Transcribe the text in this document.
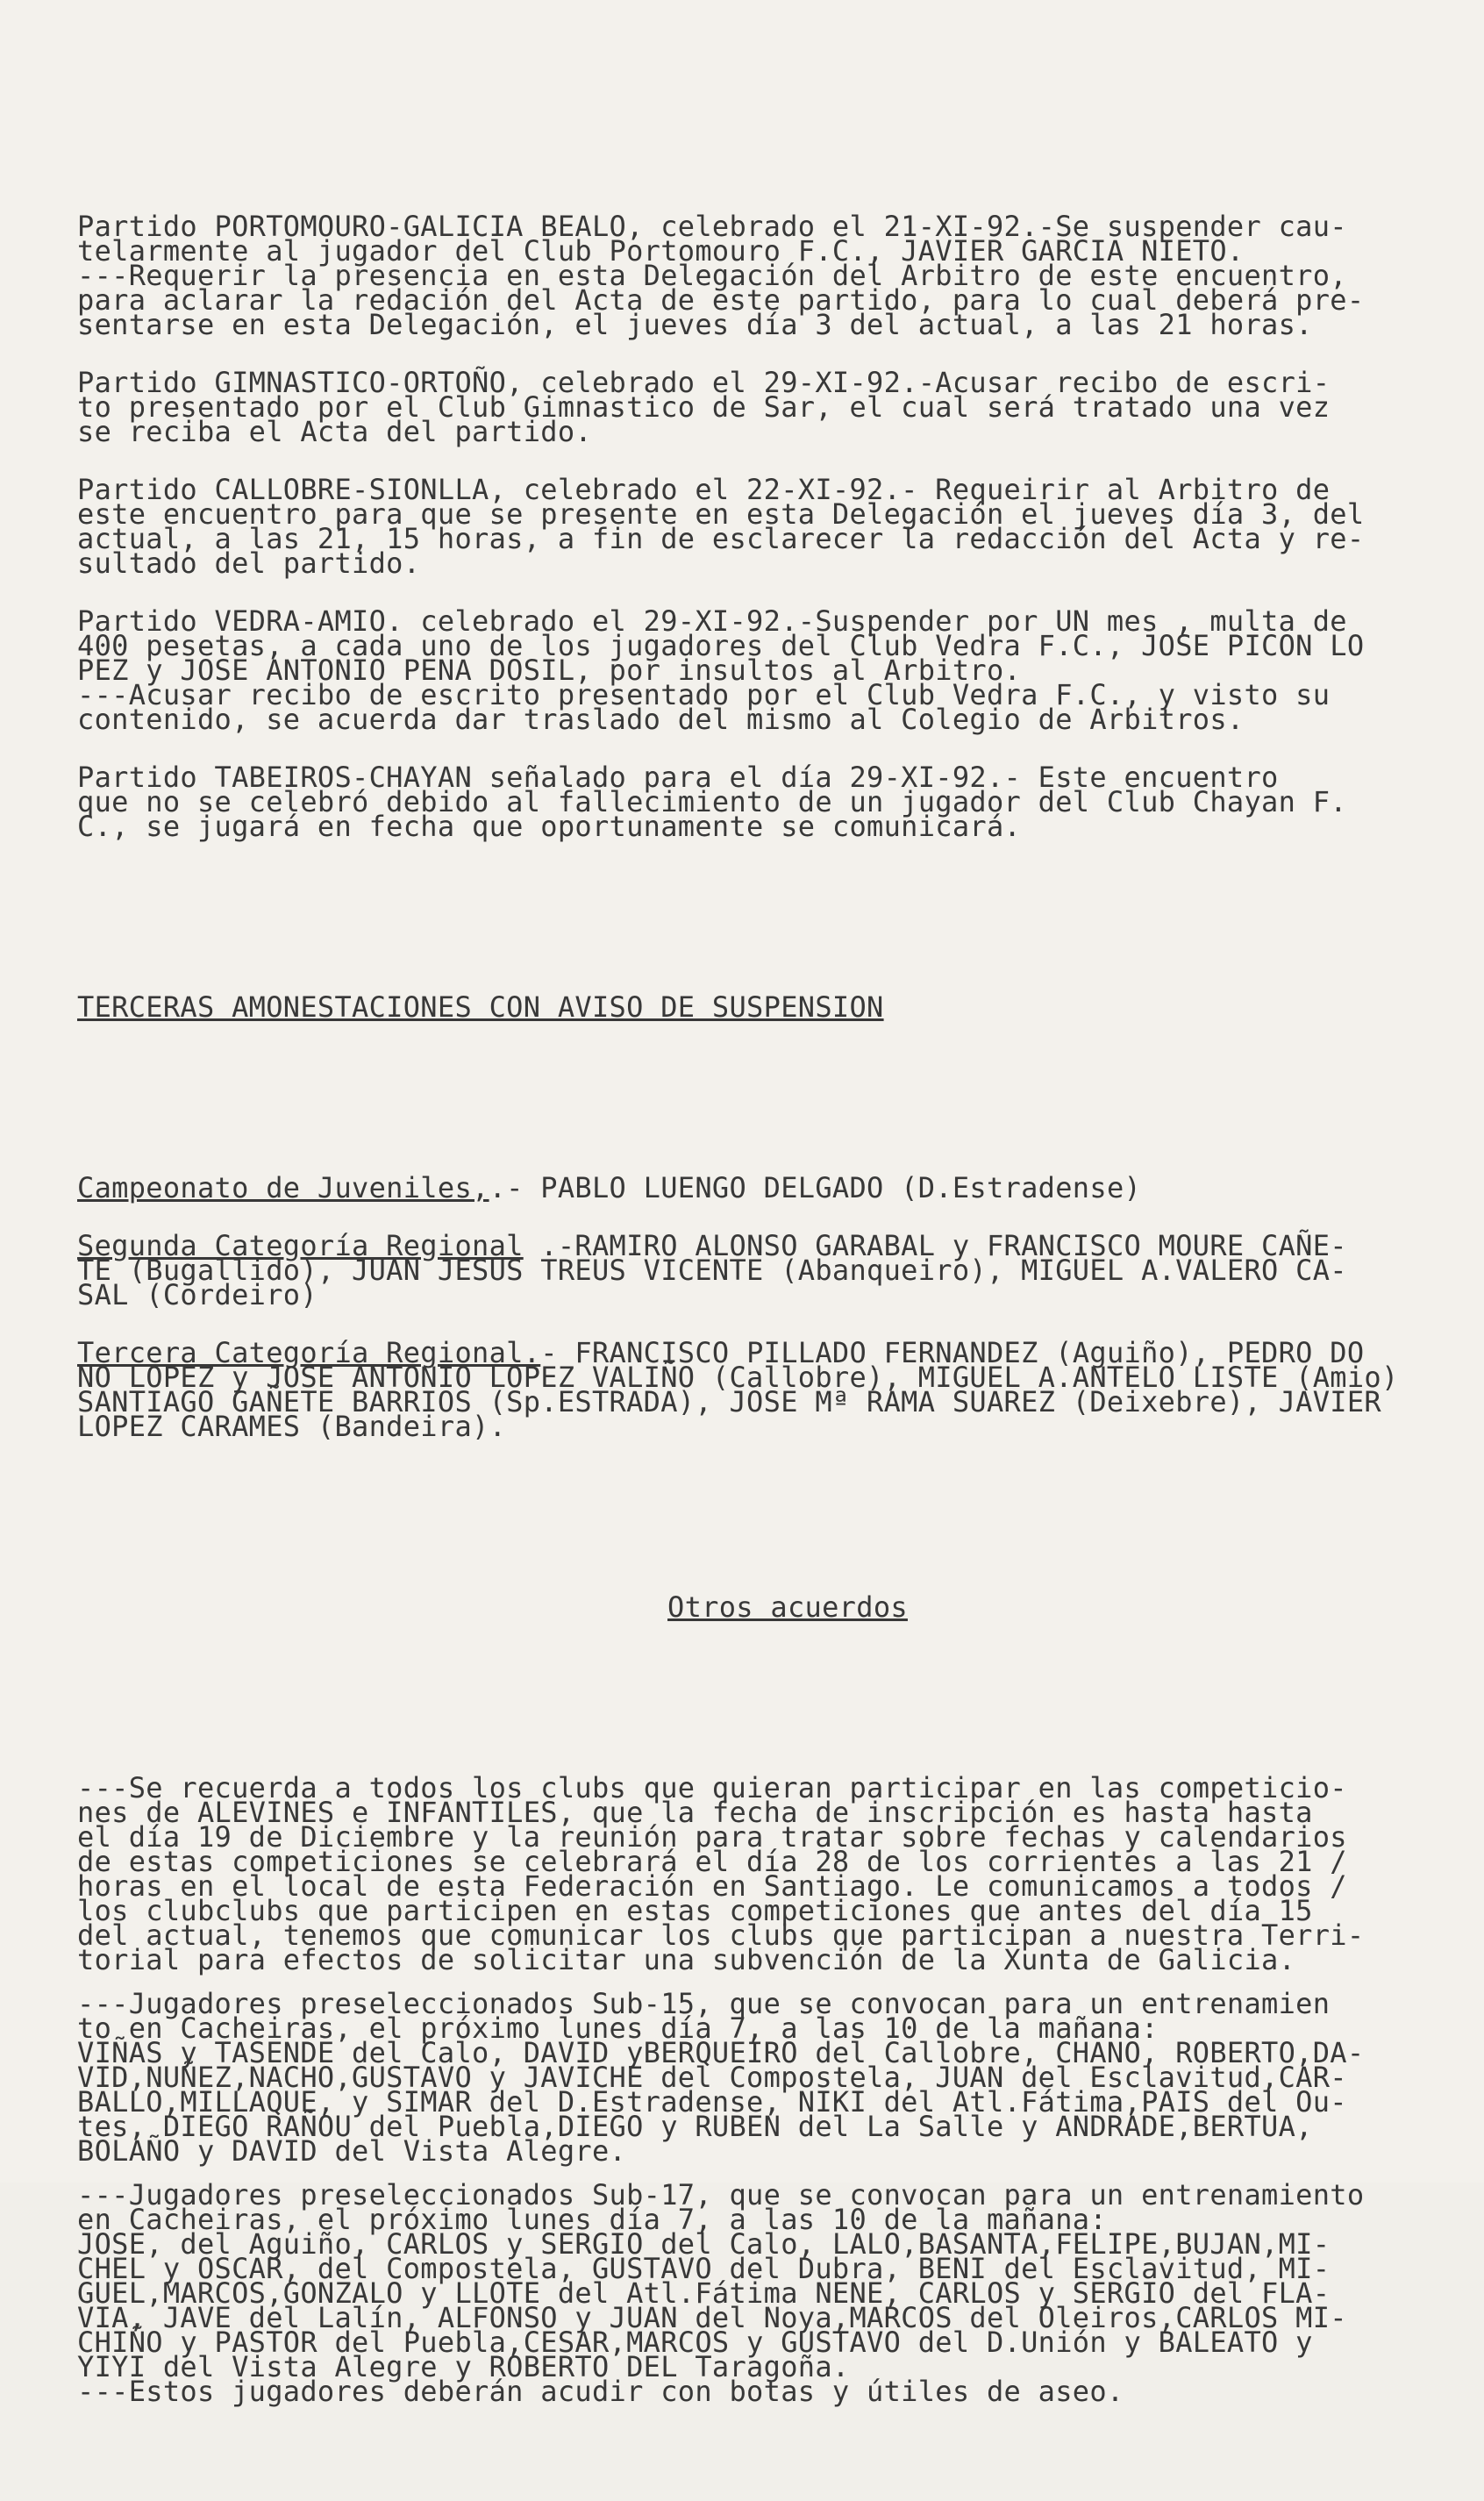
Partido PORTOMOURO-GALICIA BEALO, celebrado el 21-XI-92.-Se suspender cau-
telarmente al jugador del Club Portomouro F.C., JAVIER GARCIA NIETO.
---Requerir la presencia en esta Delegación del Arbitro de este encuentro,
para aclarar la redación del Acta de este partido, para lo cual deberá pre-
sentarse en esta Delegación, el jueves día 3 del actual, a las 21 horas.
Partido GIMNASTICO-ORTOÑO, celebrado el 29-XI-92.-Acusar recibo de escri-
to presentado por el Club Gimnastico de Sar, el cual será tratado una vez
se reciba el Acta del partido.
Partido CALLOBRE-SIONLLA, celebrado el 22-XI-92.- Requeirir al Arbitro de
este encuentro para que se presente en esta Delegación el jueves día 3, del
actual, a las 21, 15 horas, a fin de esclarecer la redacción del Acta y re-
sultado del partido.
Partido VEDRA-AMIO. celebrado el 29-XI-92.-Suspender por UN mes , multa de
400 pesetas, a cada uno de los jugadores del Club Vedra F.C., JOSE PICON LO
PEZ y JOSE ANTONIO PENA DOSIL, por insultos al Arbitro.
---Acusar recibo de escrito presentado por el Club Vedra F.C., y visto su
contenido, se acuerda dar traslado del mismo al Colegio de Arbitros.
Partido TABEIROS-CHAYAN señalado para el día 29-XI-92.- Este encuentro
que no se celebró debido al fallecimiento de un jugador del Club Chayan F.
C., se jugará en fecha que oportunamente se comunicará.

TERCERAS AMONESTACIONES CON AVISO DE SUSPENSION

Campeonato de Juveniles,.- PABLO LUENGO DELGADO (D.Estradense)
Segunda Categoría Regional .-RAMIRO ALONSO GARABAL y FRANCISCO MOURE CAÑE-
TE (Bugallido), JUAN JESUS TREUS VICENTE (Abanqueiro), MIGUEL A.VALERO CA-
SAL (Cordeiro)
Tercera Categoría Regional.- FRANCISCO PILLADO FERNANDEZ (Aguiño), PEDRO DO
NO LOPEZ y JOSE ANTONIO LOPEZ VALIÑO (Callobre), MIGUEL A.ANTELO LISTE (Amio)
SANTIAGO GAÑETE BARRIOS (Sp.ESTRADA), JOSE Mª RAMA SUAREZ (Deixebre), JAVIER
LOPEZ CARAMES (Bandeira).

Otros acuerdos

---Se recuerda a todos los clubs que quieran participar en las competicio-
nes de ALEVINES e INFANTILES, que la fecha de inscripción es hasta hasta
el día 19 de Diciembre y la reunión para tratar sobre fechas y calendarios
de estas competiciones se celebrará el día 28 de los corrientes a las 21 /
horas en el local de esta Federación en Santiago. Le comunicamos a todos /
los clubclubs que participen en estas competiciones que antes del día 15
del actual, tenemos que comunicar los clubs que participan a nuestra Terri-
torial para efectos de solicitar una subvención de la Xunta de Galicia.
---Jugadores preseleccionados Sub-15, que se convocan para un entrenamien
to en Cacheiras, el próximo lunes día 7, a las 10 de la mañana:
VIÑAS y TASENDE del Calo, DAVID yBERQUEIRO del Callobre, CHANO, ROBERTO,DA-
VID,NUÑEZ,NACHO,GUSTAVO y JAVICHE del Compostela, JUAN del Esclavitud,CAR-
BALLO,MILLAQUE, y SIMAR del D.Estradense, NIKI del Atl.Fátima,PAIS del Ou-
tes, DIEGO RAÑOU del Puebla,DIEGO y RUBEN del La Salle y ANDRADE,BERTUA,
BOLAÑO y DAVID del Vista Alegre.
---Jugadores preseleccionados Sub-17, que se convocan para un entrenamiento
en Cacheiras, el próximo lunes día 7, a las 10 de la mañana:
JOSE, del Aguiño, CARLOS y SERGIO del Calo, LALO,BASANTA,FELIPE,BUJAN,MI-
CHEL y OSCAR, del Compostela, GUSTAVO del Dubra, BENI del Esclavitud, MI-
GUEL,MARCOS,GONZALO y LLOTE del Atl.Fátima NENE, CARLOS y SERGIO del FLA-
VIA, JAVE del Lalín, ALFONSO y JUAN del Noya,MARCOS del Oleiros,CARLOS MI-
CHIÑO y PASTOR del Puebla,CESAR,MARCOS y GUSTAVO del D.Unión y BALEATO y
YIYI del Vista Alegre y ROBERTO DEL Taragoña.
---Estos jugadores deberán acudir con botas y útiles de aseo.
